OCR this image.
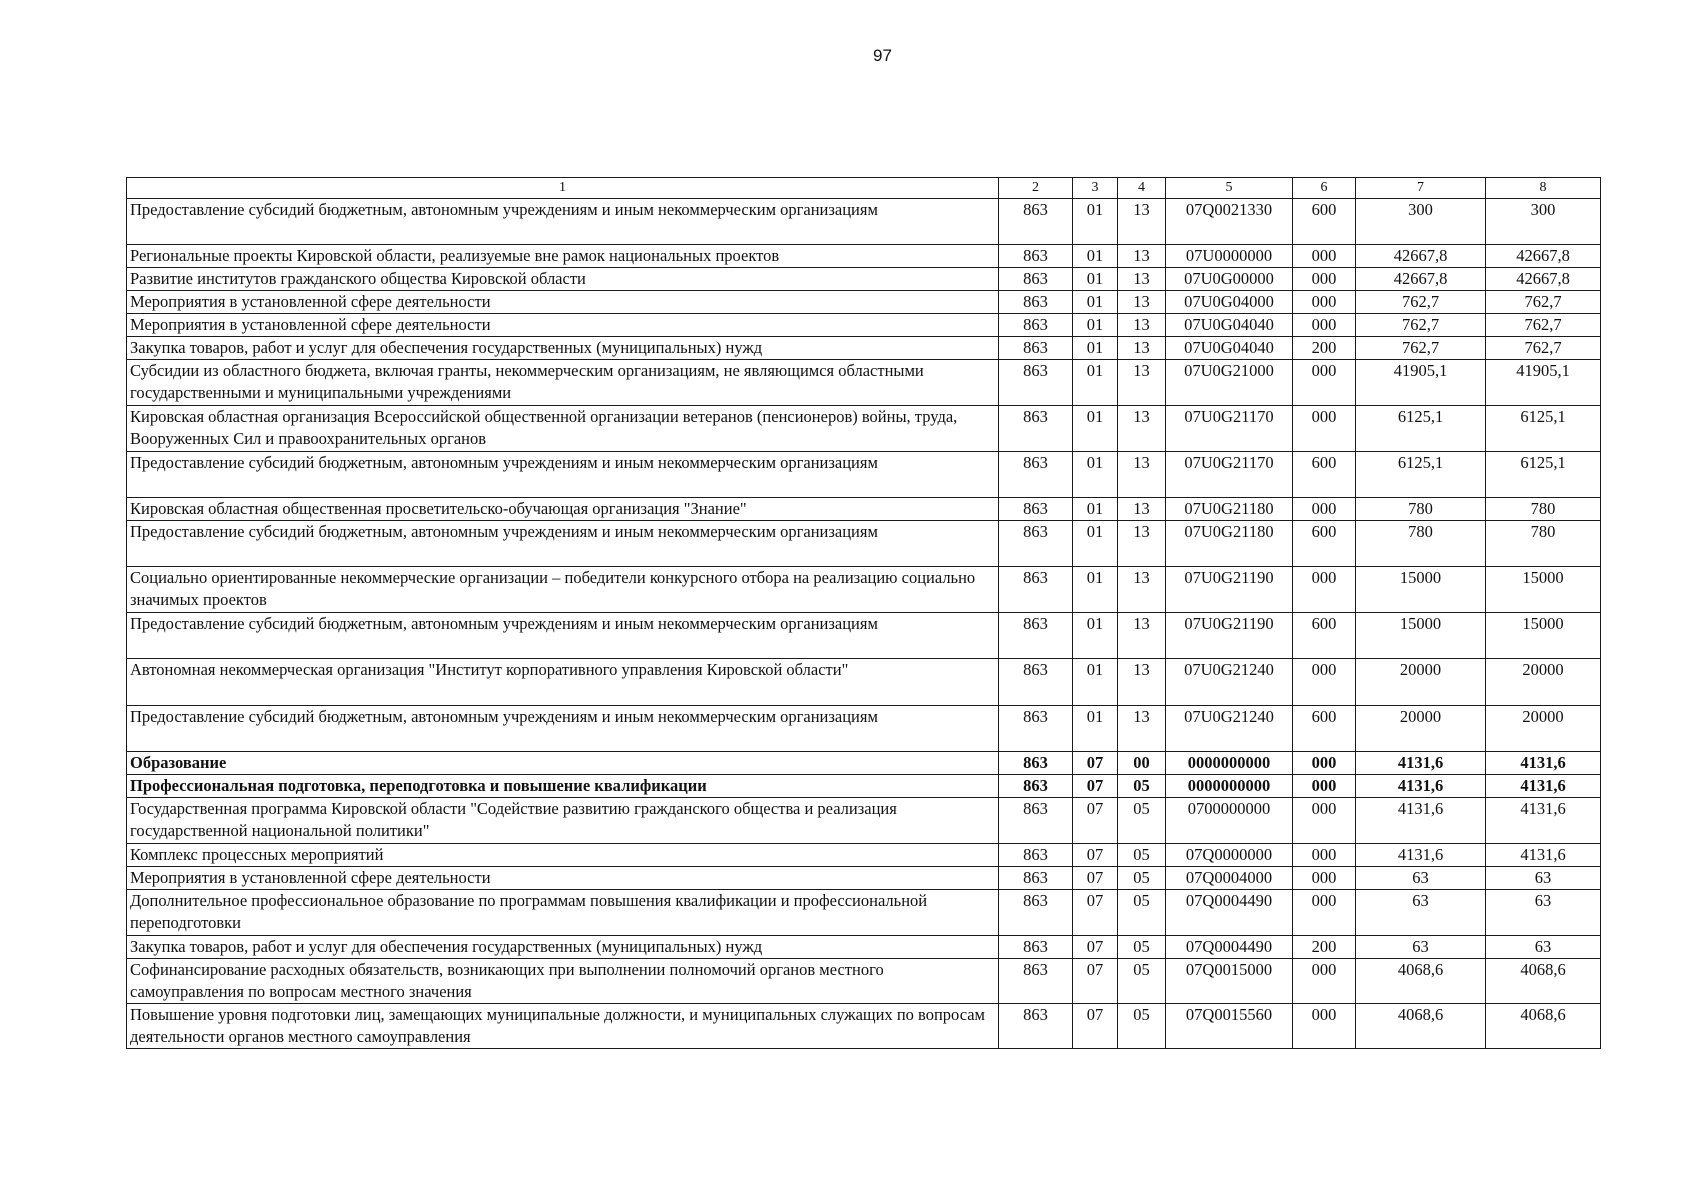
97
1	2	3	4	5	6	7	8
Предоставление субсидий бюджетным, автономным учреждениям и иным некоммерческим организациям	863	01	13	07Q0021330	600	300	300
Региональные проекты Кировской области, реализуемые вне рамок национальных проектов	863	01	13	07U0000000	000	42667,8	42667,8
Развитие институтов гражданского общества Кировской области	863	01	13	07U0G00000	000	42667,8	42667,8
Мероприятия в установленной сфере деятельности	863	01	13	07U0G04000	000	762,7	762,7
Мероприятия в установленной сфере деятельности	863	01	13	07U0G04040	000	762,7	762,7
Закупка товаров, работ и услуг для обеспечения государственных (муниципальных) нужд	863	01	13	07U0G04040	200	762,7	762,7
Субсидии из областного бюджета, включая гранты, некоммерческим организациям, не являющимся областными государственными и муниципальными учреждениями	863	01	13	07U0G21000	000	41905,1	41905,1
Кировская областная организация Всероссийской общественной организации ветеранов (пенсионеров) войны, труда, Вооруженных Сил и правоохранительных органов	863	01	13	07U0G21170	000	6125,1	6125,1
Предоставление субсидий бюджетным, автономным учреждениям и иным некоммерческим организациям	863	01	13	07U0G21170	600	6125,1	6125,1
Кировская областная общественная просветительско-обучающая организация "Знание"	863	01	13	07U0G21180	000	780	780
Предоставление субсидий бюджетным, автономным учреждениям и иным некоммерческим организациям	863	01	13	07U0G21180	600	780	780
Социально ориентированные некоммерческие организации – победители конкурсного отбора на реализацию социально значимых проектов	863	01	13	07U0G21190	000	15000	15000
Предоставление субсидий бюджетным, автономным учреждениям и иным некоммерческим организациям	863	01	13	07U0G21190	600	15000	15000
Автономная некоммерческая организация "Институт корпоративного управления Кировской области"	863	01	13	07U0G21240	000	20000	20000
Предоставление субсидий бюджетным, автономным учреждениям и иным некоммерческим организациям	863	01	13	07U0G21240	600	20000	20000
Образование	863	07	00	0000000000	000	4131,6	4131,6
Профессиональная подготовка, переподготовка и повышение квалификации	863	07	05	0000000000	000	4131,6	4131,6
Государственная программа Кировской области "Содействие развитию гражданского общества и реализация государственной национальной политики"	863	07	05	0700000000	000	4131,6	4131,6
Комплекс процессных мероприятий	863	07	05	07Q0000000	000	4131,6	4131,6
Мероприятия в установленной сфере деятельности	863	07	05	07Q0004000	000	63	63
Дополнительное профессиональное образование по программам повышения квалификации и профессиональной переподготовки	863	07	05	07Q0004490	000	63	63
Закупка товаров, работ и услуг для обеспечения государственных (муниципальных) нужд	863	07	05	07Q0004490	200	63	63
Софинансирование расходных обязательств, возникающих при выполнении полномочий органов местного самоуправления по вопросам местного значения	863	07	05	07Q0015000	000	4068,6	4068,6
Повышение уровня подготовки лиц, замещающих муниципальные должности, и муниципальных служащих по вопросам деятельности органов местного самоуправления	863	07	05	07Q0015560	000	4068,6	4068,6
